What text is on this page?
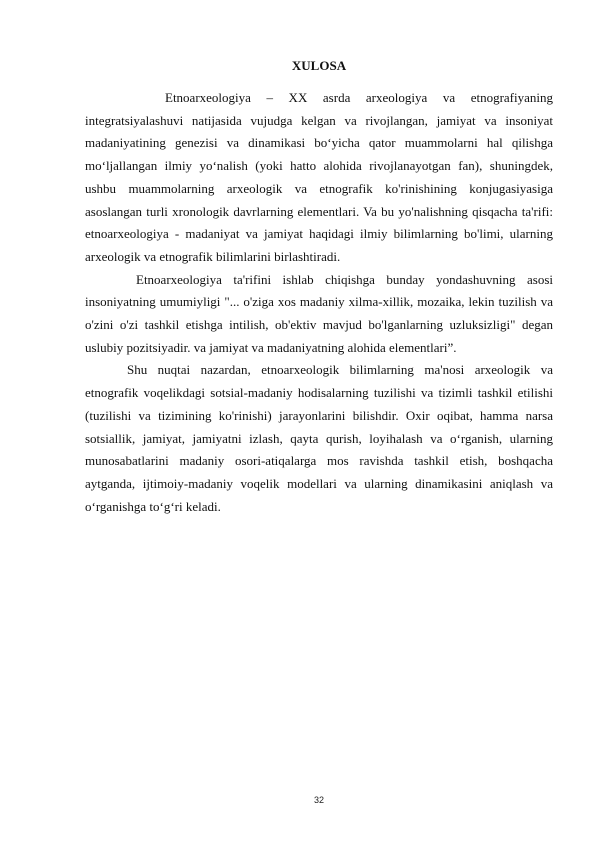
XULOSA

Etnoarxeologiya – XX asrda arxeologiya va etnografiyaning integratsiyalashuvi natijasida vujudga kelgan va rivojlangan, jamiyat va insoniyat madaniyatining genezisi va dinamikasi bo‘yicha qator muammolarni hal qilishga mo‘ljallangan ilmiy yo‘nalish (yoki hatto alohida rivojlanayotgan fan), shuningdek, ushbu muammolarning arxeologik va etnografik ko'rinishining konjugasiyasiga asoslangan turli xronologik davrlarning elementlari. Va bu yo'nalishning qisqacha ta'rifi: etnoarxeologiya - madaniyat va jamiyat haqidagi ilmiy bilimlarning bo'limi, ularning arxeologik va etnografik bilimlarini birlashtiradi.

Etnoarxeologiya ta'rifini ishlab chiqishga bunday yondashuvning asosi insoniyatning umumiyligi "... o'ziga xos madaniy xilma-xillik, mozaika, lekin tuzilish va o'zini o'zi tashkil etishga intilish, ob'ektiv mavjud bo'lganlarning uzluksizligi" degan uslubiy pozitsiyadir. va jamiyat va madaniyatning alohida elementlari”.

Shu nuqtai nazardan, etnoarxeologik bilimlarning ma'nosi arxeologik va etnografik voqelikdagi sotsial-madaniy hodisalarning tuzilishi va tizimli tashkil etilishi (tuzilishi va tizimining ko'rinishi) jarayonlarini bilishdir. Oxir oqibat, hamma narsa sotsiallik, jamiyat, jamiyatni izlash, qayta qurish, loyihalash va o‘rganish, ularning munosabatlarini madaniy osori-atiqalarga mos ravishda tashkil etish, boshqacha aytganda, ijtimoiy-madaniy voqelik modellari va ularning dinamikasini aniqlash va o‘rganishga to‘g‘ri keladi.

32
